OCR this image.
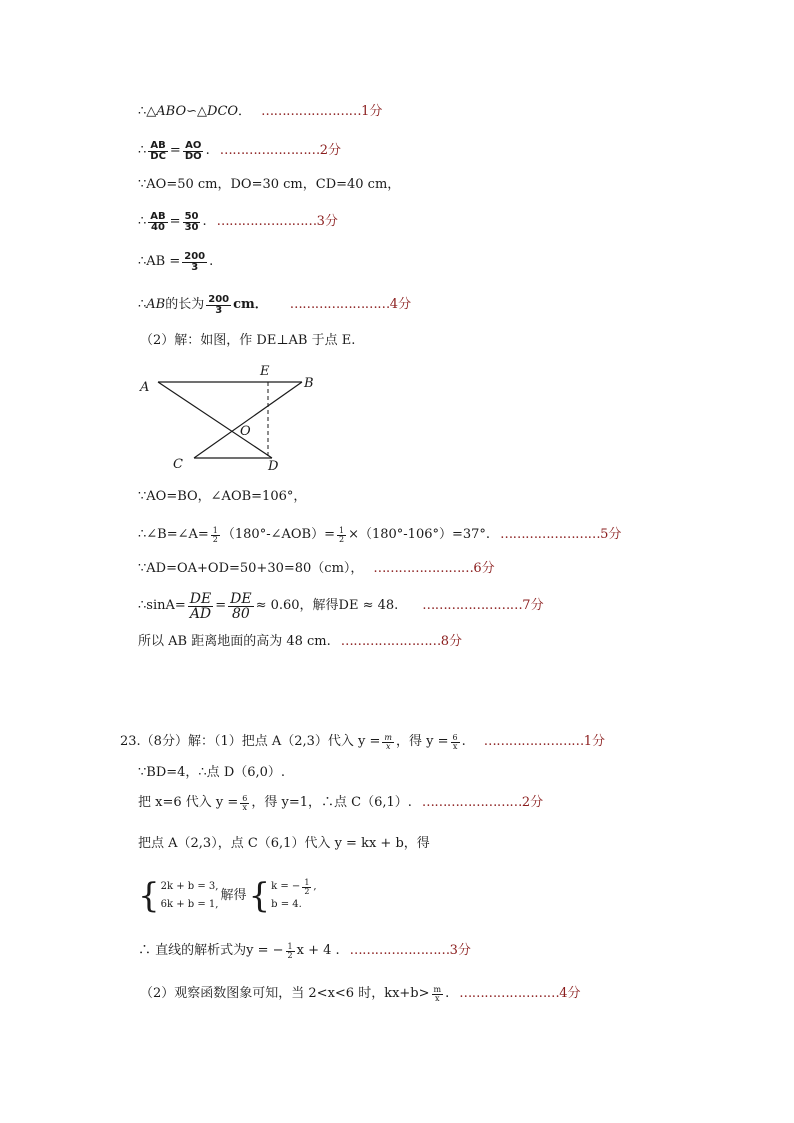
∴△ ABO ∽△ DCO ． …………………… 1分
∴ $\frac{AB}{DC} = \frac{AO}{DO}$ . …………………… 2分
∵AO=50 cm，DO=30 cm，CD=40 cm，
∴ $\frac{AB}{40} = \frac{50}{30}$ . …………………… 3分
∴AB = $\frac{200}{3}$ .
∴ AB 的长为 $\frac{200}{3}$ cm． …………………… 4分
（2）解：如图，作 DE⊥AB 于点 E.
A
E
B
O
C	D
∵AO=BO，∠AOB=106°，
∴∠B=∠A= $\frac{1}{2}$ （180°-∠AOB）= $\frac{1}{2} \times(180^\circ-106^\circ)=37^\circ$. …………………… 5分
∵AD=OA+OD=50+30=80（cm）， …………………… 6分
∴sinA= $\frac{DE}{AD} = \frac{DE}{80} \approx 0.60$，解得DE ≈ 48. …………………… 7分
所以 AB 距离地面的高为 48 cm. …………………… 8分
23.（8分）解：（1）把点 A（2,3）代入 $y = \frac{m}{x}$ ，得 $y = \frac{6}{x}$ . …………………… 1分
∵BD=4，∴点 D（6,0）.
把 x=6 代入 $y = \frac{6}{x}$ ，得 y=1，∴点 C（6,1）. …………………… 2分
把点 A（2,3），点 C（6,1）代入 y = kx + b，得
{ 2k + b = 3,
6k + b = 1,
解得 { k = − $\frac{1}{2}$ ,
b = 4.
∴ 直线的解析式为y = − $\frac{1}{2}$ x + 4 . …………………… 3分
（2）观察函数图象可知，当 2<x<6 时，$kx+b> \frac{m}{x}$ . …………………… 4分
